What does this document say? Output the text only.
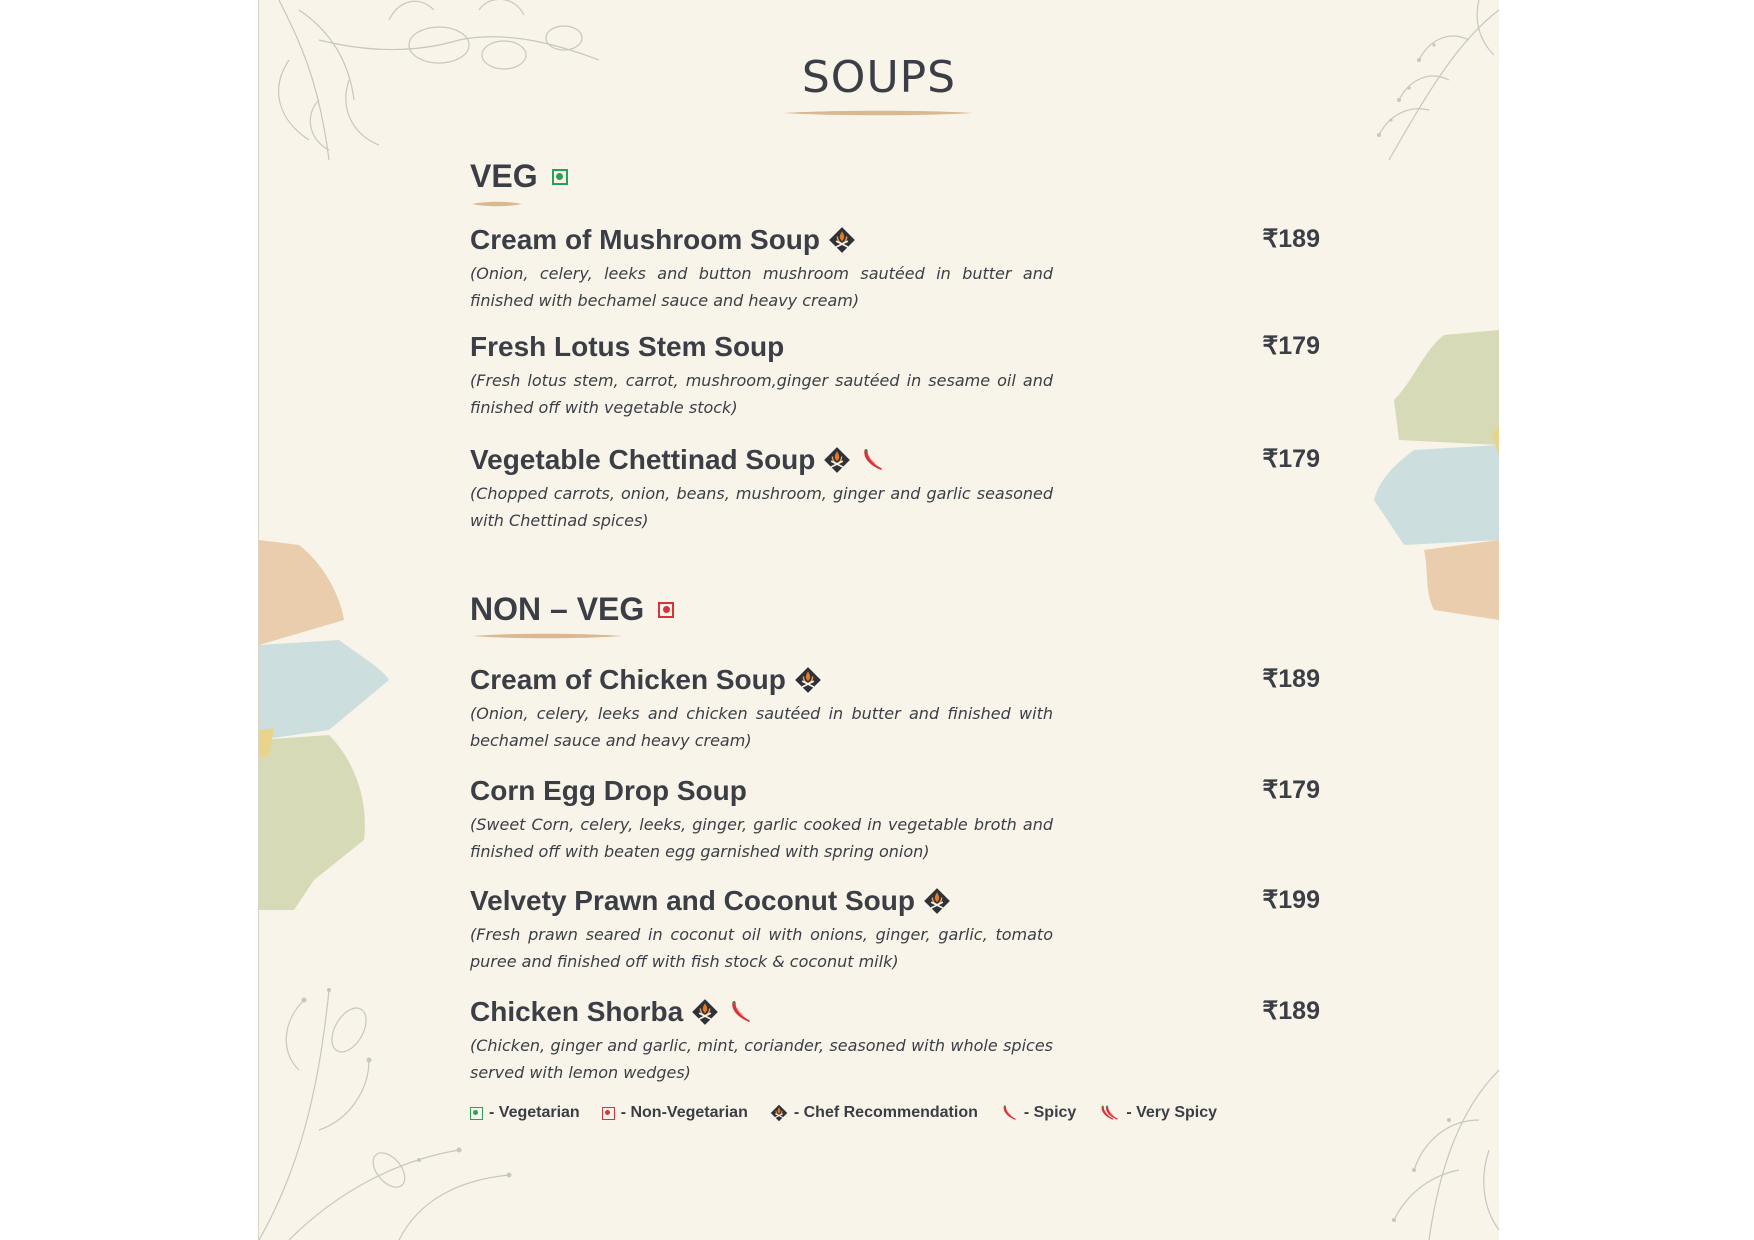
SOUPS
VEG
Cream of Mushroom Soup
(Onion, celery, leeks and button mushroom sautéed in butter and finished with bechamel sauce and heavy cream)
₹189
Fresh Lotus Stem Soup
(Fresh lotus stem, carrot, mushroom,ginger sautéed in sesame oil and finished off with vegetable stock)
₹179
Vegetable Chettinad Soup
(Chopped carrots, onion, beans, mushroom, ginger and garlic seasoned with Chettinad spices)
₹179
NON – VEG
Cream of Chicken Soup
(Onion, celery, leeks and chicken sautéed in butter and finished with bechamel sauce and heavy cream)
₹189
Corn Egg Drop Soup
(Sweet Corn, celery, leeks, ginger, garlic cooked in vegetable broth and finished off with beaten egg garnished with spring onion)
₹179
Velvety Prawn and Coconut Soup
(Fresh prawn seared in coconut oil with onions, ginger, garlic, tomato puree and finished off with fish stock & coconut milk)
₹199
Chicken Shorba
(Chicken, ginger and garlic, mint, coriander, seasoned with whole spices served with lemon wedges)
₹189
- Vegetarian	- Non-Vegetarian	- Chef Recommendation	- Spicy	- Very Spicy
